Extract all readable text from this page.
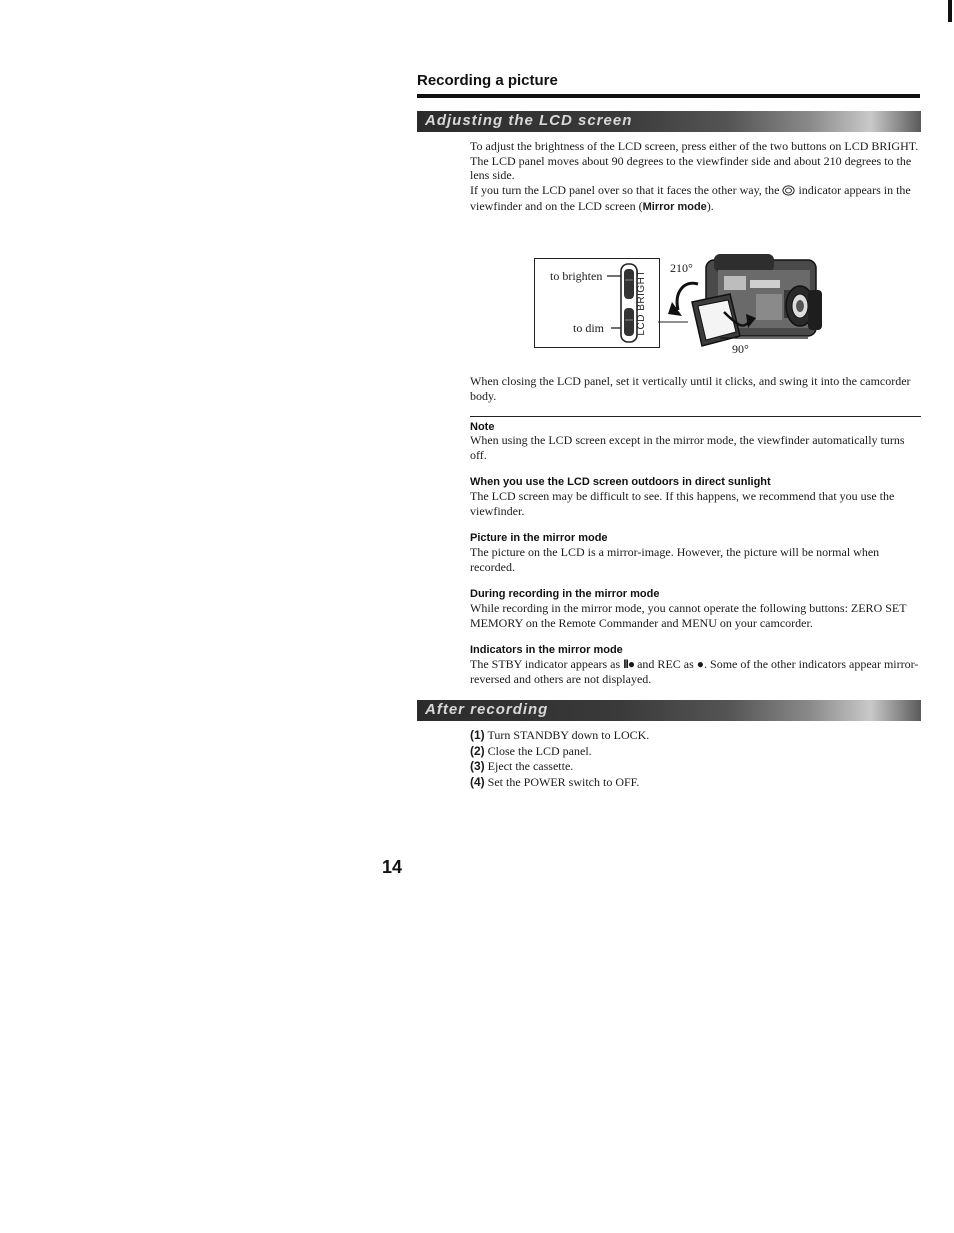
Recording a picture
Adjusting the LCD screen

To adjust the brightness of the LCD screen, press either of the two buttons on LCD BRIGHT.

The LCD panel moves about 90 degrees to the viewfinder side and about 210 degrees to the lens side.

If you turn the LCD panel over so that it faces the other way, the indicator appears in the viewfinder and on the LCD screen (Mirror mode).

to brighten
to dim	LCD BRIGHT
210°
90°
When closing the LCD panel, set it vertically until it clicks, and swing it into the camcorder body.
Note
When using the LCD screen except in the mirror mode, the viewfinder automatically turns off.
When you use the LCD screen outdoors in direct sunlight
The LCD screen may be difficult to see. If this happens, we recommend that you use the viewfinder.
Picture in the mirror mode
The picture on the LCD is a mirror-image. However, the picture will be normal when recorded.
During recording in the mirror mode
While recording in the mirror mode, you cannot operate the following buttons: ZERO SET MEMORY on the Remote Commander and MENU on your camcorder.
Indicators in the mirror mode
The STBY indicator appears as II● and REC as ●. Some of the other indicators appear mirror-reversed and others are not displayed.
After recording
(1) Turn STANDBY down to LOCK.
(2) Close the LCD panel.
(3) Eject the cassette.
(4) Set the POWER switch to OFF.
14
